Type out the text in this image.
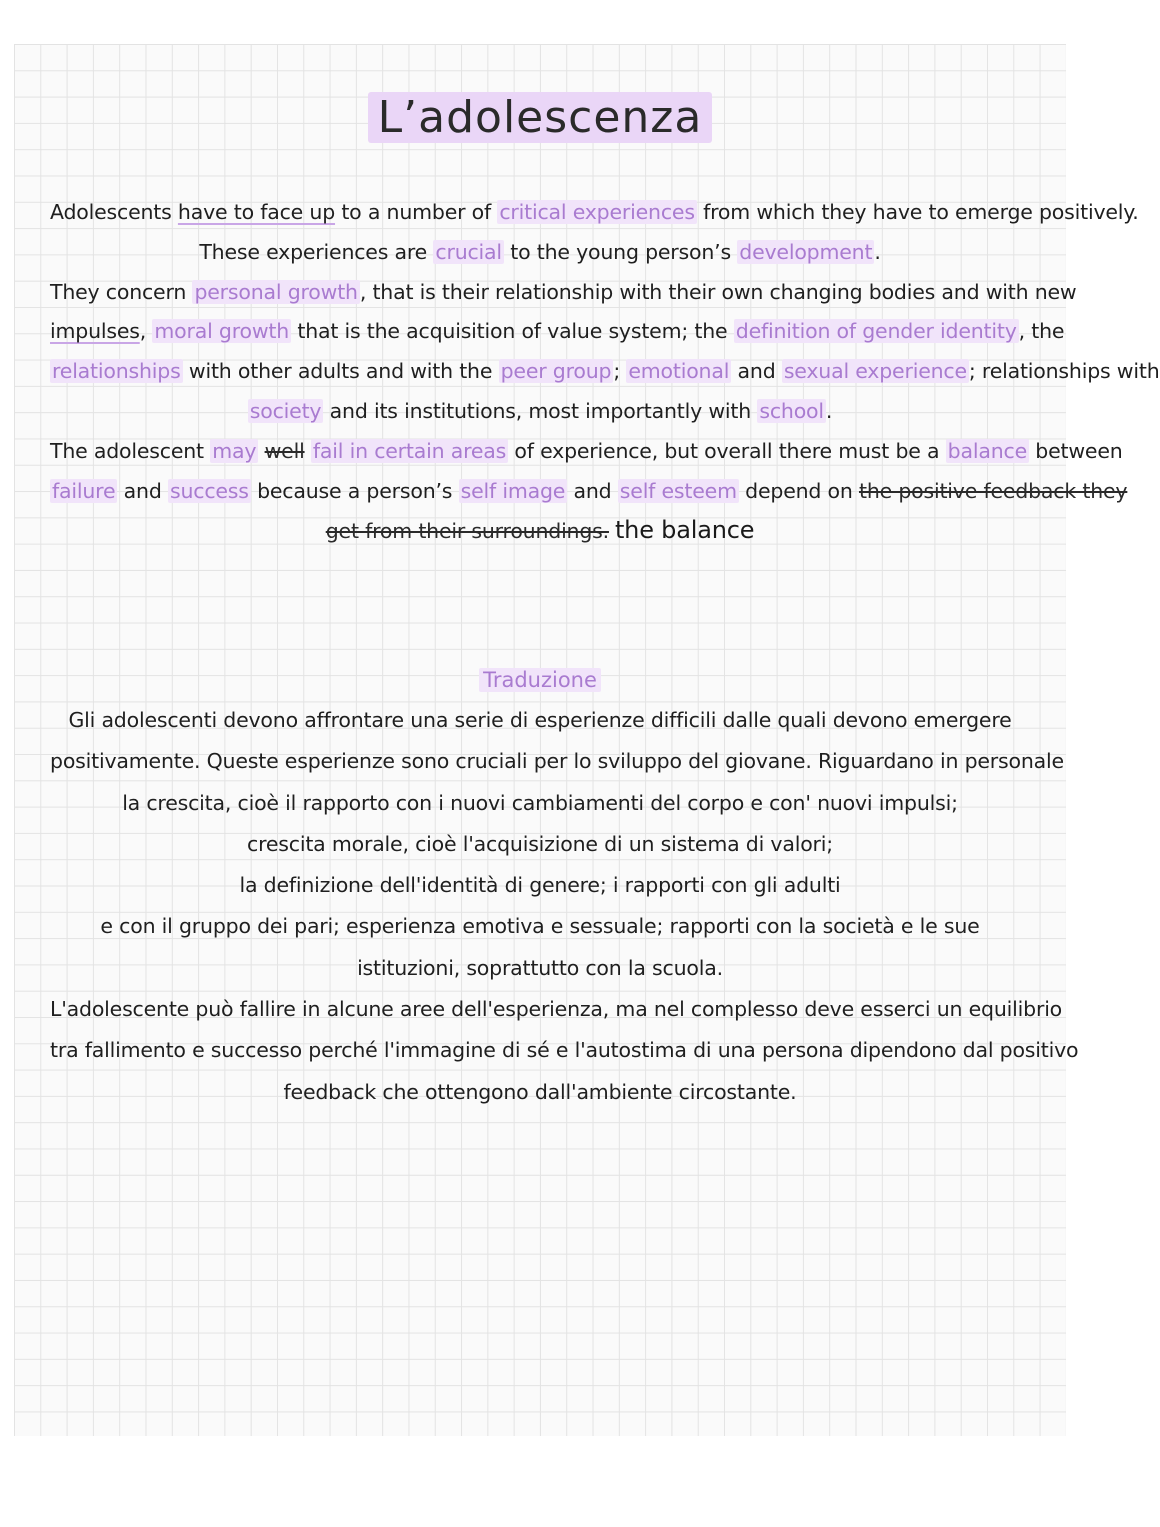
L’adolescenza
Adolescents have to face up to a number of critical experiences from which they have to emerge positively.
These experiences are crucial to the young person’s development.
They concern personal growth, that is their relationship with their own changing bodies and with new
impulses, moral growth that is the acquisition of value system; the definition of gender identity, the
relationships with other adults and with the peer group; emotional and sexual experience; relationships with
society and its institutions, most importantly with school.
The adolescent may well fail in certain areas of experience, but overall there must be a balance between
failure and success because a person’s self image and self esteem depend on the positive feedback they
get from their surroundings. the balance
Traduzione
Gli adolescenti devono affrontare una serie di esperienze difficili dalle quali devono emergere
positivamente. Queste esperienze sono cruciali per lo sviluppo del giovane. Riguardano in personale
la crescita, cioè il rapporto con i nuovi cambiamenti del corpo e con' nuovi impulsi;
crescita morale, cioè l'acquisizione di un sistema di valori;
la definizione dell'identità di genere; i rapporti con gli adulti
e con il gruppo dei pari; esperienza emotiva e sessuale; rapporti con la società e le sue
istituzioni, soprattutto con la scuola.
L'adolescente può fallire in alcune aree dell'esperienza, ma nel complesso deve esserci un equilibrio
tra fallimento e successo perché l'immagine di sé e l'autostima di una persona dipendono dal positivo
feedback che ottengono dall'ambiente circostante.
